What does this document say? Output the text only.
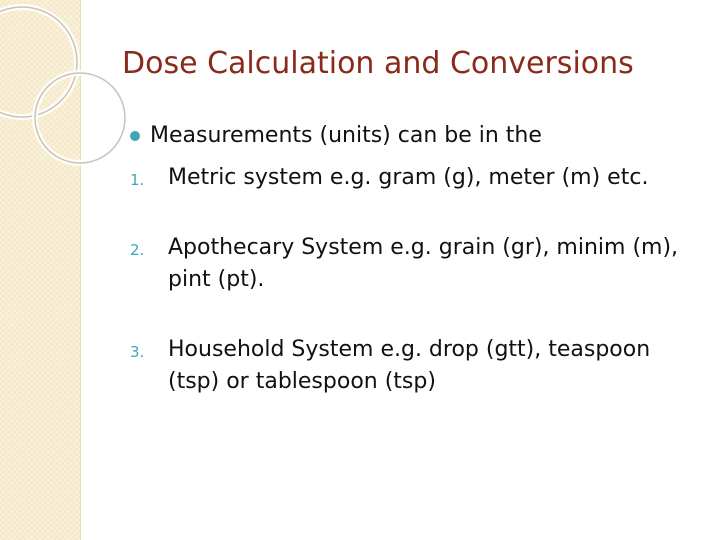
Dose Calculation and Conversions
Measurements (units) can be in the
1. Metric system e.g. gram (g), meter (m) etc.
2. Apothecary System e.g. grain (gr), minim (m), pint (pt).
3. Household System e.g. drop (gtt), teaspoon (tsp) or tablespoon (tsp)
